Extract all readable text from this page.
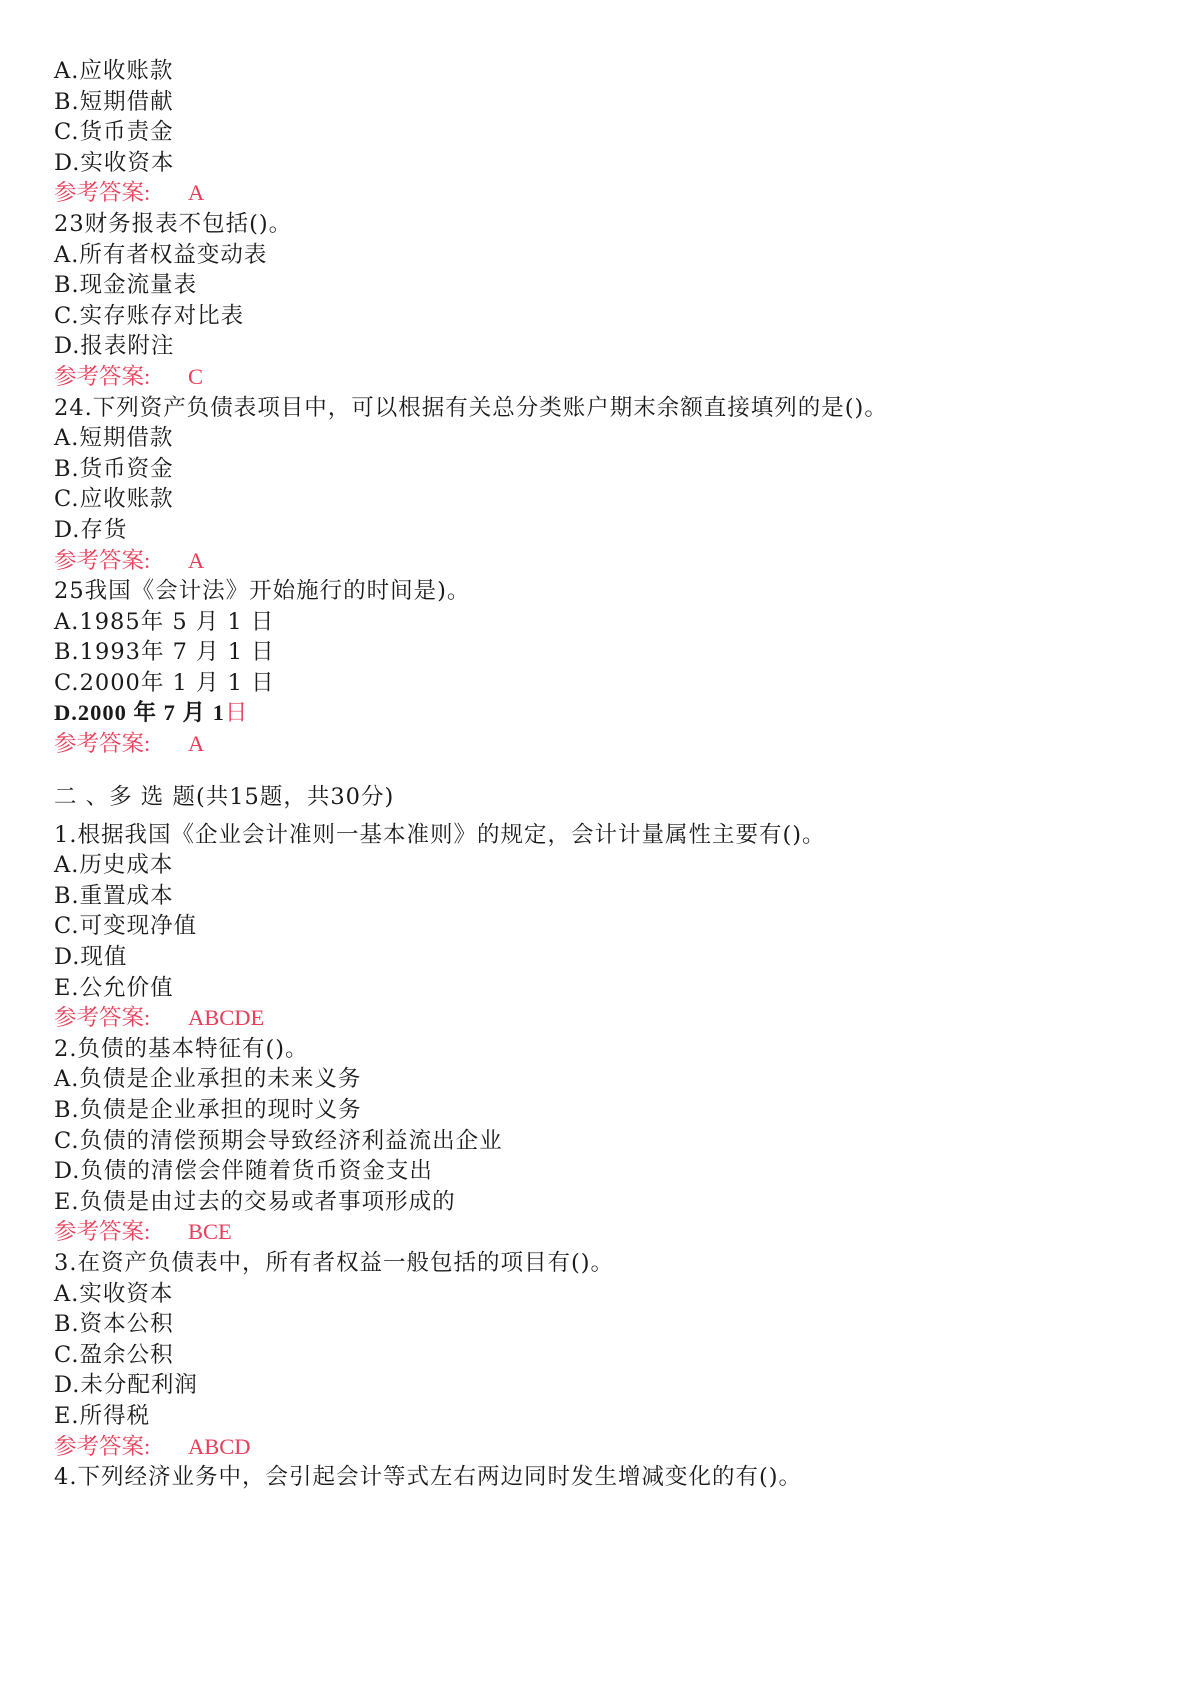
A.应收账款
B.短期借献
C.货币责金
D.实收资本
参考答案: A
23财务报表不包括()。
A.所有者权益变动表
B.现金流量表
C.实存账存对比表
D.报表附注
参考答案: C
24.下列资产负债表项目中，可以根据有关总分类账户期末余额直接填列的是()。
A.短期借款
B.货币资金
C.应收账款
D.存货
参考答案: A
25我国《会计法》开始施行的时间是)。
A.1985年 5 月 1 日
B.1993年 7 月 1 日
C.2000年 1 月 1 日
D.2000 年 7 月 1日
参考答案: A
二 、多 选 题(共15题，共30分)
1.根据我国《企业会计准则一基本准则》的规定，会计计量属性主要有()。
A.历史成本
B.重置成本
C.可变现净值
D.现值
E.公允价值
参考答案: ABCDE
2.负债的基本特征有()。
A.负债是企业承担的未来义务
B.负债是企业承担的现时义务
C.负债的清偿预期会导致经济利益流出企业
D.负债的清偿会伴随着货币资金支出
E.负债是由过去的交易或者事项形成的
参考答案: BCE
3.在资产负债表中，所有者权益一般包括的项目有()。
A.实收资本
B.资本公积
C.盈余公积
D.未分配利润
E.所得税
参考答案: ABCD
4.下列经济业务中，会引起会计等式左右两边同时发生增减变化的有()。
